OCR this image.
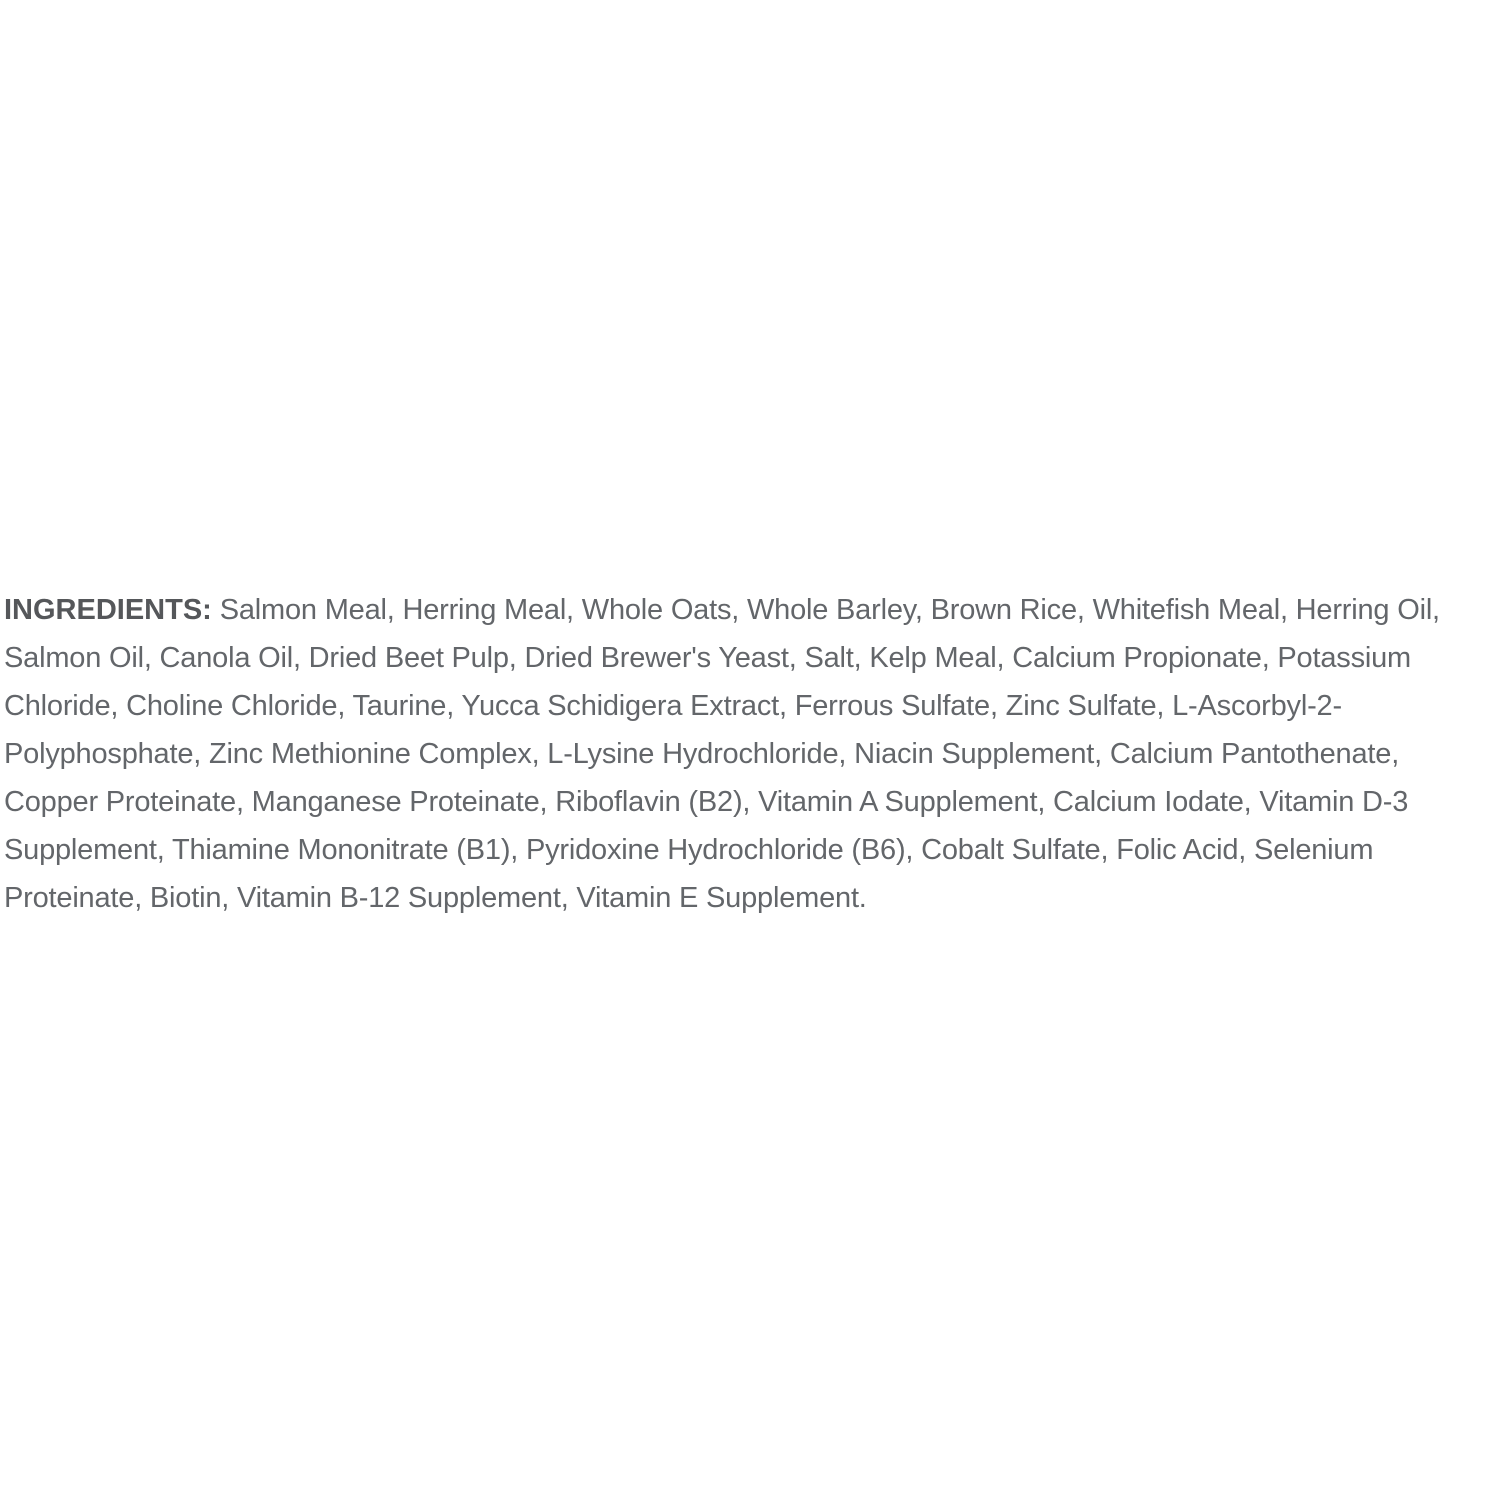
INGREDIENTS: Salmon Meal, Herring Meal, Whole Oats, Whole Barley, Brown Rice, Whitefish Meal, Herring Oil, Salmon Oil, Canola Oil, Dried Beet Pulp, Dried Brewer's Yeast, Salt, Kelp Meal, Calcium Propionate, Potassium Chloride, Choline Chloride, Taurine, Yucca Schidigera Extract, Ferrous Sulfate, Zinc Sulfate, L-Ascorbyl-2-Polyphosphate, Zinc Methionine Complex, L-Lysine Hydrochloride, Niacin Supplement, Calcium Pantothenate, Copper Proteinate, Manganese Proteinate, Riboflavin (B2), Vitamin A Supplement, Calcium Iodate, Vitamin D-3 Supplement, Thiamine Mononitrate (B1), Pyridoxine Hydrochloride (B6), Cobalt Sulfate, Folic Acid, Selenium Proteinate, Biotin, Vitamin B-12 Supplement, Vitamin E Supplement.
